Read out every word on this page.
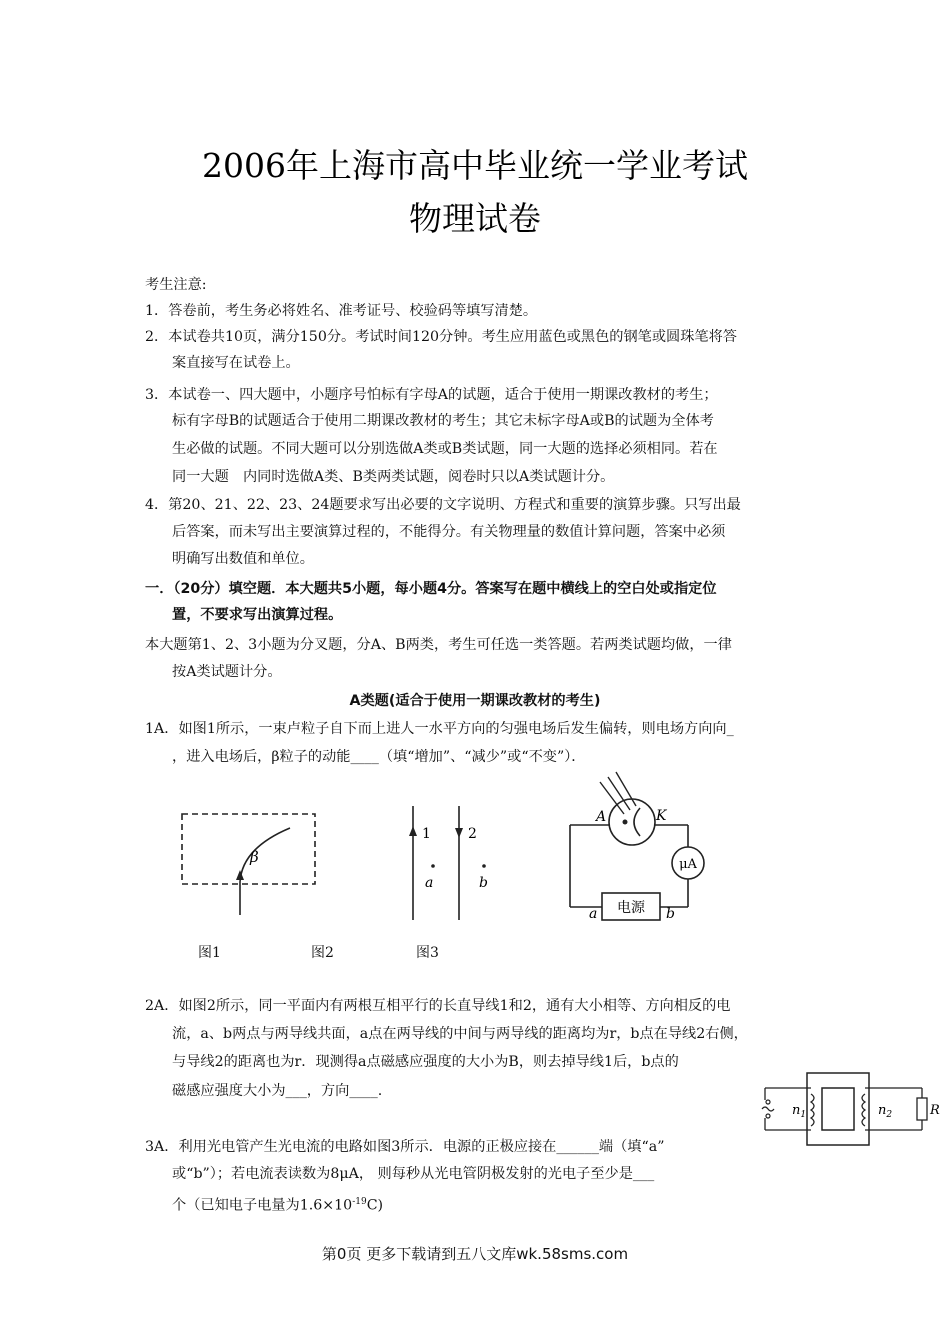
2006年上海市高中毕业统一学业考试
物理试卷
考生注意:
1．答卷前，考生务必将姓名、准考证号、校验码等填写清楚。
2．本试卷共10页，满分150分。考试时间120分钟。考生应用蓝色或黑色的钢笔或圆珠笔将答
案直接写在试卷上。
3．本试卷一、四大题中，小题序号怕标有字母A的试题，适合于使用一期课改教材的考生；
标有字母B的试题适合于使用二期课改教材的考生；其它未标字母A或B的试题为全体考
生必做的试题。不同大题可以分别选做A类或B类试题，同一大题的选择必须相同。若在
同一大题　内同时选做A类、B类两类试题，阅卷时只以A类试题计分。
4．第20、21、22、23、24题要求写出必要的文字说明、方程式和重要的演算步骤。只写出最
后答案，而未写出主要演算过程的，不能得分。有关物理量的数值计算问题，答案中必须
明确写出数值和单位。
一．（20分）填空题．本大题共5小题，每小题4分。答案写在题中横线上的空白处或指定位
置，不要求写出演算过程。
本大题第1、2、3小题为分叉题，分A、B两类，考生可任选一类答题。若两类试题均做，一律
按A类试题计分。
A类题(适合于使用一期课改教材的考生)
1A．如图1所示，一束卢粒子自下而上进人一水平方向的匀强电场后发生偏转，则电场方向向_
，进入电场后，β粒子的动能____（填“增加”、“减少”或“不变”）．
β
1	2
a	b
A	K
μA
电源
a	b
$n_1$	$n_2$	R
图1	图2	图3
2A．如图2所示，同一平面内有两根互相平行的长直导线1和2，通有大小相等、方向相反的电
流，a、b两点与两导线共面，a点在两导线的中间与两导线的距离均为r，b点在导线2右侧，
与导线2的距离也为r．现测得a点磁感应强度的大小为B，则去掉导线1后，b点的
磁感应强度大小为___，方向____.
3A．利用光电管产生光电流的电路如图3所示．电源的正极应接在______端（填“a”
或“b”）；若电流表读数为8μA， 则每秒从光电管阴极发射的光电子至少是___
个（已知电子电量为$1.6\times 10^{-19}C$)
第0页 更多下载请到五八文库wk.58sms.com
